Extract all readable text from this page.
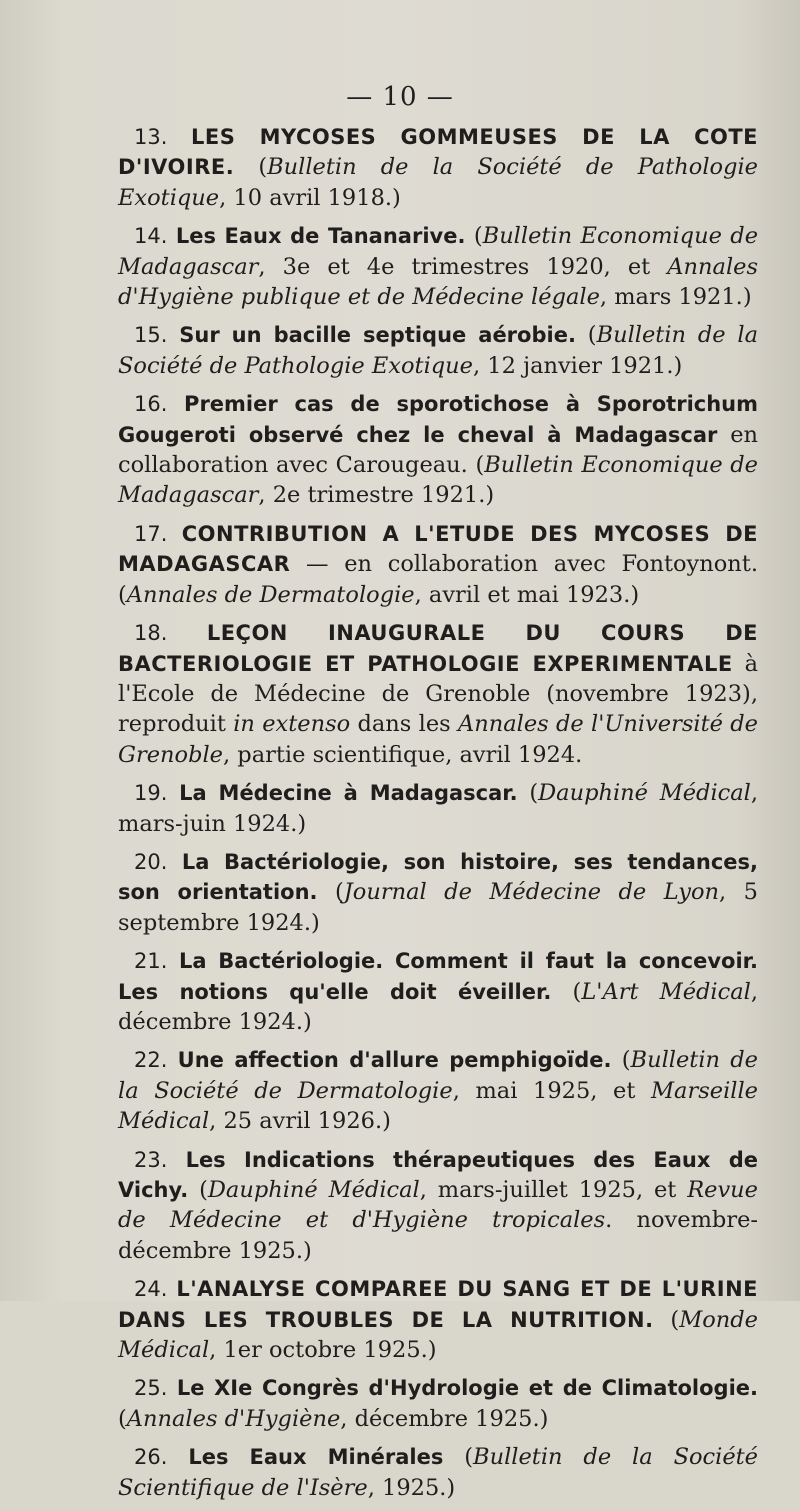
— 10 —

13. LES MYCOSES GOMMEUSES DE LA COTE D'IVOIRE. (Bulletin de la Société de Pathologie Exotique, 10 avril 1918.)

14. Les Eaux de Tananarive. (Bulletin Economique de Madagascar, 3e et 4e trimestres 1920, et Annales d'Hygiène publique et de Médecine légale, mars 1921.)

15. Sur un bacille septique aérobie. (Bulletin de la Société de Pathologie Exotique, 12 janvier 1921.)

16. Premier cas de sporotichose à Sporotrichum Gougeroti observé chez le cheval à Madagascar en collaboration avec Carougeau. (Bulletin Economique de Madagascar, 2e trimestre 1921.)

17. CONTRIBUTION A L'ETUDE DES MYCOSES DE MADAGASCAR — en collaboration avec Fontoynont. (Annales de Dermatologie, avril et mai 1923.)

18. LEÇON INAUGURALE DU COURS DE BACTERIOLOGIE ET PATHOLOGIE EXPERIMENTALE à l'Ecole de Médecine de Grenoble (novembre 1923), reproduit in extenso dans les Annales de l'Université de Grenoble, partie scientifique, avril 1924.

19. La Médecine à Madagascar. (Dauphiné Médical, mars-juin 1924.)

20. La Bactériologie, son histoire, ses tendances, son orientation. (Journal de Médecine de Lyon, 5 septembre 1924.)

21. La Bactériologie. Comment il faut la concevoir. Les notions qu'elle doit éveiller. (L'Art Médical, décembre 1924.)

22. Une affection d'allure pemphigoïde. (Bulletin de la Société de Dermatologie, mai 1925, et Marseille Médical, 25 avril 1926.)

23. Les Indications thérapeutiques des Eaux de Vichy. (Dauphiné Médical, mars-juillet 1925, et Revue de Médecine et d'Hygiène tropicales. novembre-décembre 1925.)

24. L'ANALYSE COMPAREE DU SANG ET DE L'URINE DANS LES TROUBLES DE LA NUTRITION. (Monde Médical, 1er octobre 1925.)

25. Le XIe Congrès d'Hydrologie et de Climatologie. (Annales d'Hygiène, décembre 1925.)

26. Les Eaux Minérales (Bulletin de la Société Scientifique de l'Isère, 1925.)
